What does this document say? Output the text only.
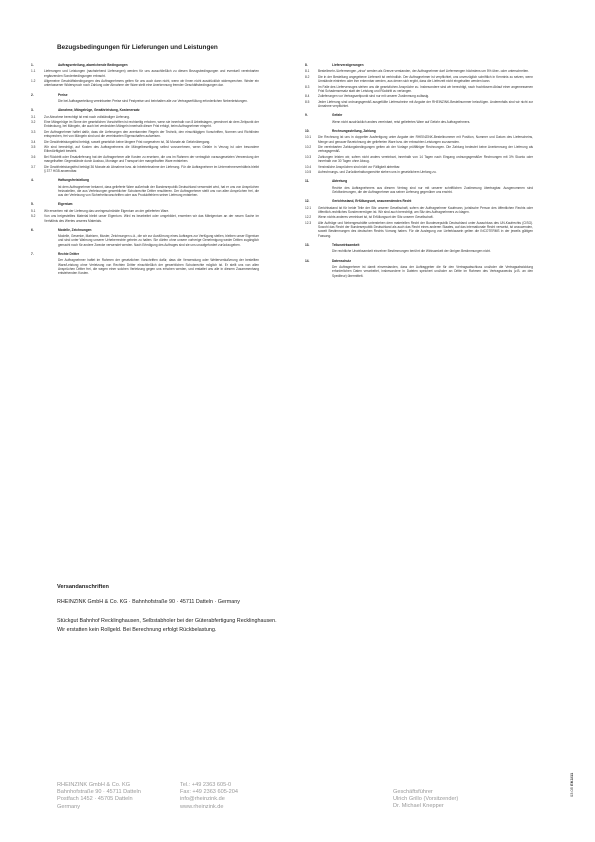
Bezugsbedingungen für Lieferungen und Leistungen
1.	Auftragserteilung, abweichende Bedingungen
1.1	Lieferungen und Leistungen (nachstehend Lieferungen) werden für uns ausschließlich zu diesen Bezugsbedingungen und eventuell vereinbarten ergänzenden Sonderbedingungen erbracht.
1.2	Allgemeine Geschäftsbedingungen des Auftragnehmers gelten für uns auch dann nicht, wenn wir ihnen nicht ausdrücklich widersprechen. Weder ein unterlassener Widerspruch noch Zahlung oder Abnahme der Ware stellt eine Anerkennung fremder Geschäftsbedingungen dar.
2.	Preise
Die bei Auftragserteilung vereinbarten Preise sind Festpreise und beinhalten alle zur Vertragserfüllung erforderlichen Nebenleistungen.
3.	Abnahme, Mängelrüge, Gewährleistung, Kostenersatz
3.1	Zur Abnahme berechtigt ist erst nach vollständiger Lieferung.
3.2	Eine Mängelrüge im Sinne der gesetzlichen Vorschriften ist rechtzeitig erhoben, wenn sie innerhalb von 8 Arbeitstagen, gerechnet ab dem Zeitpunkt der Entdeckung, bei Mängeln, die auch bei verdeckten Mängeln innerhalb dieser Frist erfolgt, beim Auftragnehmer eingeht.
3.3	Der Auftragnehmer haftet dafür, dass die Lieferungen den anerkannten Regeln der Technik, den einschlägigen Vorschriften, Normen und Richtlinien entsprechen, frei von Mängeln sind und die vereinbarten Eigenschaften aufweisen.
3.4	Die Gewährleistungsfrist beträgt, soweit gesetzlich keine längere Frist vorgesehen ist, 36 Monate ab Gefahrübergang.
3.5	Wir sind berechtigt, auf Kosten des Auftragnehmers die Mängelbeseitigung selbst vorzunehmen, wenn Gefahr in Verzug ist oder besondere Eilbedürftigkeit besteht.
3.6	Bei Rücktritt oder Ersatzlieferung hat der Auftragnehmer alle Kosten zu ersetzen, die uns im Rahmen der vertraglich vorausgesetzten Verwendung der mangelhaften Gegenstände durch Ausbau, Montage und Transport der mangelhaften Ware entstehen.
3.7	Die Gewährleistungsfrist beträgt 36 Monate ab Abnahme bzw. ab Inbetriebnahme der Lieferung. Für die Auftragnehmer im Unternehmerverhältnis bleibt § 377 HGB anwendbar.
4.	Haftungsfreistellung
Ist dem Auftragnehmer bekannt, dass gelieferte Ware außerhalb der Bundesrepublik Deutschland verwendet wird, hat er uns von Ansprüchen freizustellen, die aus Verletzungen gewerblicher Schutzrechte Dritter resultieren. Der Auftragnehmer stellt uns von allen Ansprüchen frei, die aus der Verletzung von Sicherheitsvorschriften oder aus Produktfehlern seiner Lieferung entstehen.
5.	Eigentum
5.1	Wir erwerben mit der Lieferung das uneingeschränkte Eigentum an der gelieferten Ware.
5.2	Von uns beigestelltes Material bleibt unser Eigentum. Wird es bearbeitet oder umgebildet, erwerben wir das Miteigentum an der neuen Sache im Verhältnis des Wertes unseres Materials.
6.	Modelle, Zeichnungen
Modelle, Gesenke, Matrizen, Muster, Zeichnungen u.ä., die wir zur Ausführung eines Auftrages zur Verfügung stellen, bleiben unser Eigentum und sind unter Wahrung unserer Urheberrechte geheim zu halten. Sie dürfen ohne unsere vorherige Genehmigung weder Dritten zugänglich gemacht noch für andere Zwecke verwendet werden. Nach Erledigung des Auftrages sind sie uns unaufgefordert zurückzugeben.
7.	Rechte Dritter
Der Auftragnehmer haftet im Rahmen der gesetzlichen Vorschriften dafür, dass die Verwendung oder Weiterveräußerung der bestellten Ware/Leistung ohne Verletzung von Rechten Dritter einschließlich der gewerblichen Schutzrechte möglich ist. Er stellt uns von allen Ansprüchen Dritter frei, die wegen einer solchen Verletzung gegen uns erhoben werden, und erstattet uns alle in diesem Zusammenhang entstehenden Kosten.
8.	Lieferverzögerungen
8.1	Bestellmehr-/Liefermengen „zirca“ werden als Grenze verstanden, der Auftragnehmer darf Liefermengen höchstens um 5% über- oder unterschreiten.
8.2	Die in der Bestellung angegebene Lieferzeit ist verbindlich. Der Auftragnehmer ist verpflichtet, uns unverzüglich schriftlich in Kenntnis zu setzen, wenn Umstände eintreten oder ihm erkennbar werden, aus denen sich ergibt, dass die Lieferzeit nicht eingehalten werden kann.
8.3	Im Falle des Lieferverzuges stehen uns die gesetzlichen Ansprüche zu. Insbesondere sind wir berechtigt, nach fruchtlosem Ablauf einer angemessenen Frist Schadensersatz statt der Leistung und Rücktritt zu verlangen.
8.4	Zulieferungen vor Vertragszeitpunkt sind nur mit unserer Zustimmung zulässig.
8.5	Jeder Lieferung sind ordnungsgemäß ausgefüllte Lieferscheine mit Angabe der RHEINZINK-Bestellnummer beizufügen. Anderenfalls sind wir nicht zur Annahme verpflichtet.
9.	Gefahr
Wenn nicht ausdrücklich anders vereinbart, reist geliefertes Ware auf Gefahr des Auftragnehmers.
10.	Rechnungsstellung, Zahlung
10.1	Die Rechnung ist uns in doppelter Ausfertigung unter Angabe der RHEINZINK-Bestellnummer mit Position, Nummer und Datum des Lieferscheins, Menge und genauer Bezeichnung der gelieferten Ware bzw. der erbrachten Leistungen zuzusenden.
10.2	Die vereinbarten Zahlungsbedingungen gelten ab der Vorlage prüffähiger Rechnungen. Die Zahlung bedeutet keine Anerkennung der Lieferung als vertragsgemäß.
10.3	Zahlungen leisten wir, sofern nicht anders vereinbart, innerhalb von 14 Tagen nach Eingang ordnungsgemäßer Rechnungen mit 3% Skonto oder innerhalb von 30 Tagen ohne Abzug.
10.4	Verzinsliche Ansprüchen sind nicht vor Fälligkeit abtretbar.
10.5	Aufrechnungs- und Zurückbehaltungsrechte stehen uns in gesetzlichem Umfang zu.
11.	Abtretung
Rechte des Auftragnehmers aus diesem Vertrag sind nur mit unserer schriftlichen Zustimmung übertragbar. Ausgenommen sind Geldforderungen, die der Auftragnehmer aus seiner Lieferung gegenüber uns erwirbt.
12.	Gerichtsstand, Erfüllungsort, anzuwendendes Recht
12.1	Gerichtsstand ist für beide Teile der Sitz unserer Gesellschaft, sofern der Auftragnehmer Kaufmann, juristische Person des öffentlichen Rechts oder öffentlich-rechtliches Sondervermögen ist. Wir sind auch berechtigt, am Sitz des Auftragnehmers zu klagen.
12.2	Wenn nichts anderes vereinbart ist, ist Erfüllungsort der Sitz unserer Gesellschaft.
12.3	Alle Aufträge und Nebengeschäfte unterstehen dem materiellen Recht der Bundesrepublik Deutschland unter Ausschluss des UN-Kaufrechts (CISG). Sowohl das Recht der Bundesrepublik Deutschland als auch das Recht eines anderen Staates, auf das internationale Recht verweist, ist anzuwenden, soweit Bestimmungen des deutschen Rechts Vorrang haben. Für die Auslegung von Lieferklauseln gelten die INCOTERMS in der jeweils gültigen Fassung.
13.	Teilunwirksamkeit
Die rechtliche Unwirksamkeit einzelner Bestimmungen berührt die Wirksamkeit der übrigen Bestimmungen nicht.
14.	Datenschutz
Der Auftragnehmer ist damit einverstanden, dass der Auftraggeber die für den Vertragsabschluss und/oder die Vertragsabwicklung erforderlichen Daten verarbeitet, insbesondere in Dateien speichert und/oder an Dritte im Rahmen des Vertragszwecks (z.B. an den Spediteur) übermittelt.
Versandanschriften
RHEINZINK GmbH & Co. KG · Bahnhofstraße 90 · 45711 Datteln · Germany
Stückgut Bahnhof Recklinghausen, Selbstabholer bei der Güterabfertigung Recklinghausen.
Wir erstatten kein Rollgeld. Bei Berechnung erfolgt Rückbelastung.
RHEINZINK GmbH & Co. KG
Bahnhofstraße 90 · 45711 Datteln
Postfach 1452 · 45705 Datteln
Germany
Tel.: +49 2363 605-0
Fax: +49 2363 605-204
info@rheinzink.de
www.rheinzink.de
Geschäftsführer
Ulrich Grillo (Vorsitzender)
Dr. Michael Knepper
03.05 EK1/11
